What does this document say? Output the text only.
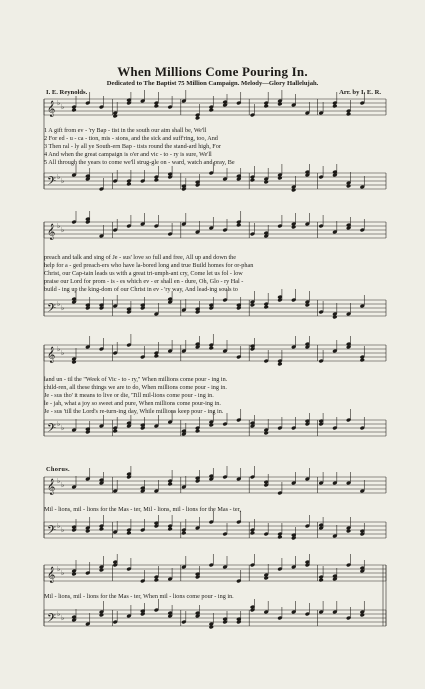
𝄞 ♭ ♭
𝄢 ♭ ♭
𝄞 ♭ ♭
𝄢 ♭ ♭
𝄞 ♭ ♭
𝄢 ♭ ♭
𝄞 ♭ ♭
𝄢 ♭ ♭
𝄞 ♭ ♭
𝄢 ♭ ♭
When Millions Come Pouring In.
Dedicated to The Baptist 75 Million Campaign. Melody—Glory Hallelujah.
I. E. Reynolds.	Arr. by I. E. R.
1 A gift from ev - 'ry Bap - tist in the south our aim shall be, We'll
2 For ed - u - ca - tion, mis - sions, and the sick and suff'ring, too, And
3 Then ral - ly all ye South-ern Bap - tists round the stand-ard high, For
4 And when the great campaign is o'er and vic - to - ry is sure, We'll
5 All through the years to come we'll strug-gle on - ward, watch and pray, Be
preach and talk and sing of Je - sus' love so full and free, All up and down the
help for a - ged preach-ers who have la-bored long and true Build homes for or-phan
Christ, our Cap-tain leads us with a great tri-umph-ant cry, Come let us fol - low
praise our Lord for prom - is - es which ev - er shall en - dure, Oh, Glo - ry Hal -
build - ing up the king-dom of our Christ in ev - 'ry way, And lead-ing souls to
land un - til the "Week of Vic - to - ry," When millions come pour - ing in.
child-ren, all these things we are to do, When millions come pour - ing in.
Je - sus tho' it means to live or die, 'Till mil-lions come pour - ing in.
le - jah, what a joy so sweet and pure, When millions come pour-ing in.
Je - sus 'till the Lord's re-turn-ing day, While millions keep pour - ing in.
Chorus.
Mil - lions, mil - lions for the Mas - ter, Mil - lions, mil - lions for the Mas - ter,
Mil - lions, mil - lions for the Mas - ter, When mil - lions come pour - ing in.
